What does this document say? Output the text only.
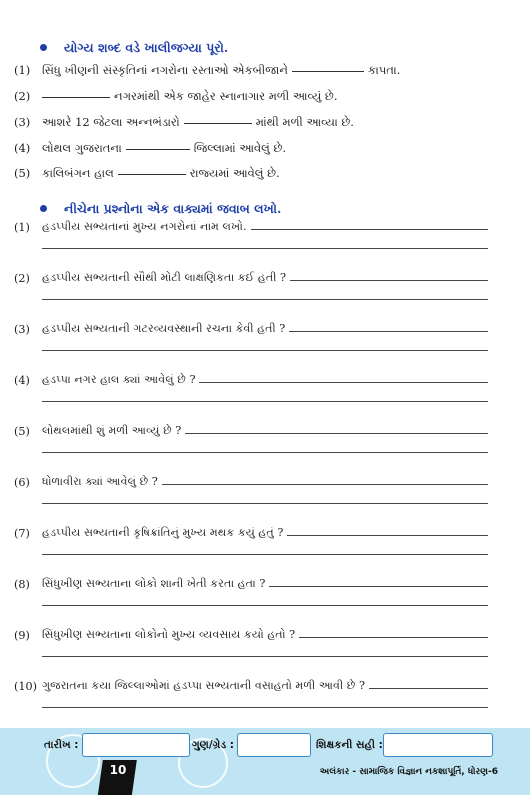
યોગ્ય શબ્દ વડે ખાલીજગ્યા પૂરો.
(1) સિંધુ ખીણની સંસ્કૃતિનાં નગરોના રસ્તાઓ એકબીજાને	કાપતા.
(2)	નગરમાંથી એક જાહેર સ્નાનાગાર મળી આવ્યું છે.
(3) આશરે 12 જેટલા અન્નભંડારો	માંથી મળી આવ્યા છે.
(4) લોથલ ગુજરાતના	જિલ્લામાં આવેલું છે.
(5) કાલિબંગન હાલ	રાજ્યમાં આવેલું છે.
નીચેના પ્રશ્નોના એક વાક્યમાં જવાબ લખો.
(1)	હડપ્પીય સભ્યતાનાં મુખ્ય નગરોનાં નામ લખો.
(2)	હડપ્પીય સભ્યતાની સૌથી મોટી લાક્ષણિકતા કઈ હતી ?
(3)	હડપ્પીય સભ્યતાની ગટરવ્યવસ્થાની રચના કેવી હતી ?
(4)	હડપ્પા નગર હાલ ક્યાં આવેલું છે ?
(5)	લોથલમાંથી શું મળી આવ્યું છે ?
(6)	ધોળાવીરા ક્યાં આવેલું છે ?
(7)	હડપ્પીય સભ્યતાની કૃષિક્રાંતિનું મુખ્ય મથક કયું હતું ?
(8)	સિંધુખીણ સભ્યતાના લોકો શાની ખેતી કરતા હતા ?
(9)	સિંધુખીણ સભ્યતાના લોકોનો મુખ્ય વ્યવસાય કયો હતો ?
(10) ગુજરાતના કયા જિલ્લાઓમાં હડપ્પા સભ્યતાની વસાહતો મળી આવી છે ?
તારીખ :	ગુણ/ગ્રેડ :	શિક્ષકની સહી :
10	અલંકાર - સામાજિક વિજ્ઞાન નકશાપૂર્તિ, ધોરણ-6
